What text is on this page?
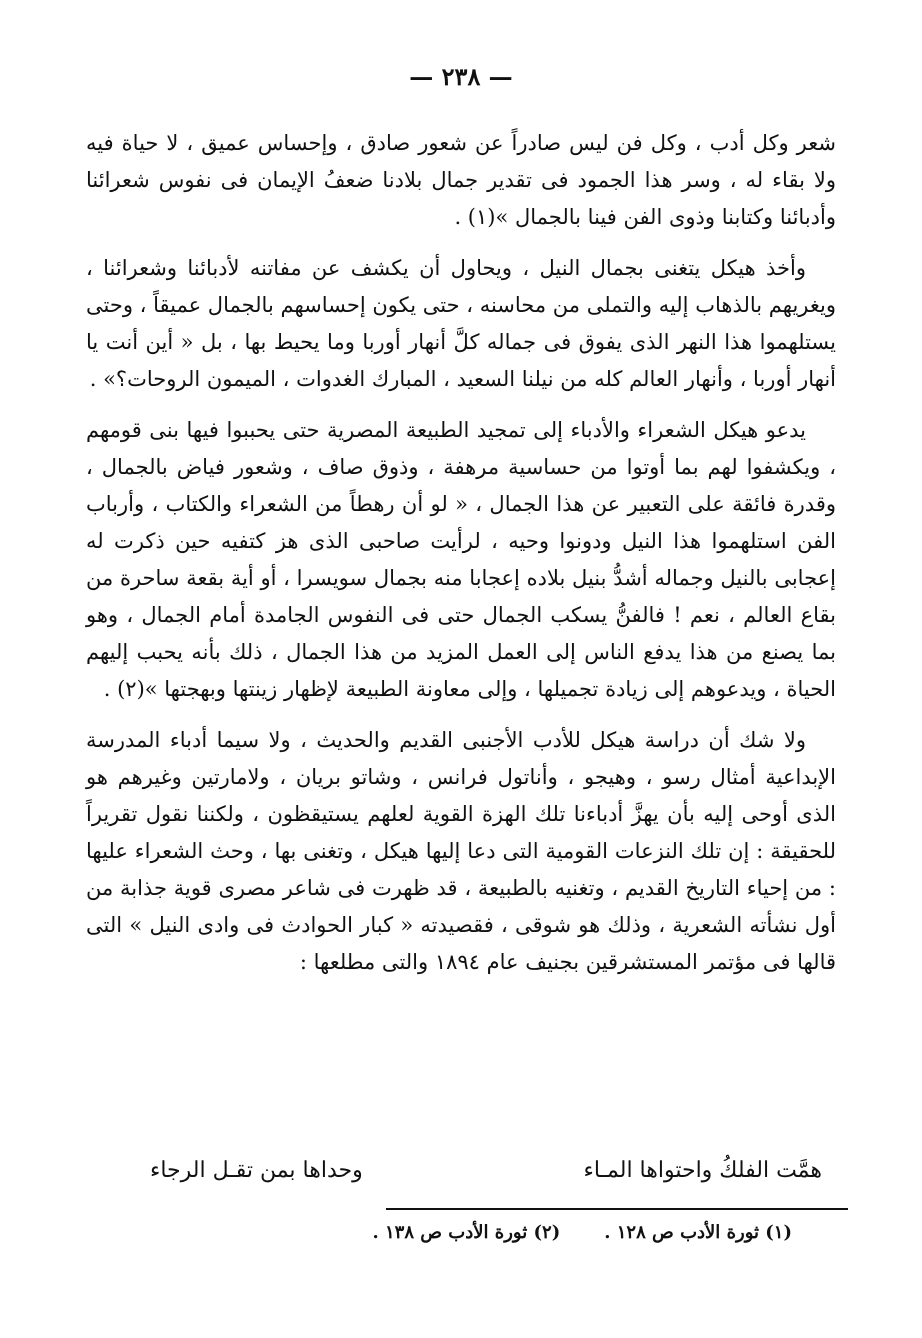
— ٢٣٨ —

شعر وكل أدب ، وكل فن ليس صادراً عن شعور صادق ، وإحساس عميق ، لا حياة فيه ولا بقاء له ، وسر هذا الجمود فى تقدير جمال بلادنا ضعفُ الإيمان فى نفوس شعرائنا وأدبائنا وكتابنا وذوى الفن فينا بالجمال »(١) .

وأخذ هيكل يتغنى بجمال النيل ، ويحاول أن يكشف عن مفاتنه لأدبائنا وشعرائنا ، ويغريهم بالذهاب إليه والتملى من محاسنه ، حتى يكون إحساسهم بالجمال عميقاً ، وحتى يستلهموا هذا النهر الذى يفوق فى جماله كلَّ أنهار أوربا وما يحيط بها ، بل « أين أنت يا أنهار أوربا ، وأنهار العالم كله من نيلنا السعيد ، المبارك الغدوات ، الميمون الروحات؟» .

يدعو هيكل الشعراء والأدباء إلى تمجيد الطبيعة المصرية حتى يحببوا فيها بنى قومهم ، ويكشفوا لهم بما أوتوا من حساسية مرهفة ، وذوق صاف ، وشعور فياض بالجمال ، وقدرة فائقة على التعبير عن هذا الجمال ، « لو أن رهطاً من الشعراء والكتاب ، وأرباب الفن استلهموا هذا النيل ودونوا وحيه ، لرأيت صاحبى الذى هز كتفيه حين ذكرت له إعجابى بالنيل وجماله أشدُّ بنيل بلاده إعجابا منه بجمال سويسرا ، أو أية بقعة ساحرة من بقاع العالم ، نعم ! فالفنُّ يسكب الجمال حتى فى النفوس الجامدة أمام الجمال ، وهو بما يصنع من هذا يدفع الناس إلى العمل المزيد من هذا الجمال ، ذلك بأنه يحبب إليهم الحياة ، ويدعوهم إلى زيادة تجميلها ، وإلى معاونة الطبيعة لإظهار زينتها وبهجتها »(٢) .

ولا شك أن دراسة هيكل للأدب الأجنبى القديم والحديث ، ولا سيما أدباء المدرسة الإبداعية أمثال رسو ، وهيجو ، وأناتول فرانس ، وشاتو بريان ، ولامارتين وغيرهم هو الذى أوحى إليه بأن يهزَّ أدباءنا تلك الهزة القوية لعلهم يستيقظون ، ولكننا نقول تقريراً للحقيقة : إن تلك النزعات القومية التى دعا إليها هيكل ، وتغنى بها ، وحث الشعراء عليها : من إحياء التاريخ القديم ، وتغنيه بالطبيعة ، قد ظهرت فى شاعر مصرى قوية جذابة من أول نشأته الشعرية ، وذلك هو شوقى ، فقصيدته « كبار الحوادث فى وادى النيل » التى قالها فى مؤتمر المستشرقين بجنيف عام ١٨٩٤ والتى مطلعها :

همَّت الفلكُ واحتواها المـاء
وحداها بمن تقـل الرجاء
(١) ثورة الأدب ص ١٢٨ .
(٢) ثورة الأدب ص ١٣٨ .
